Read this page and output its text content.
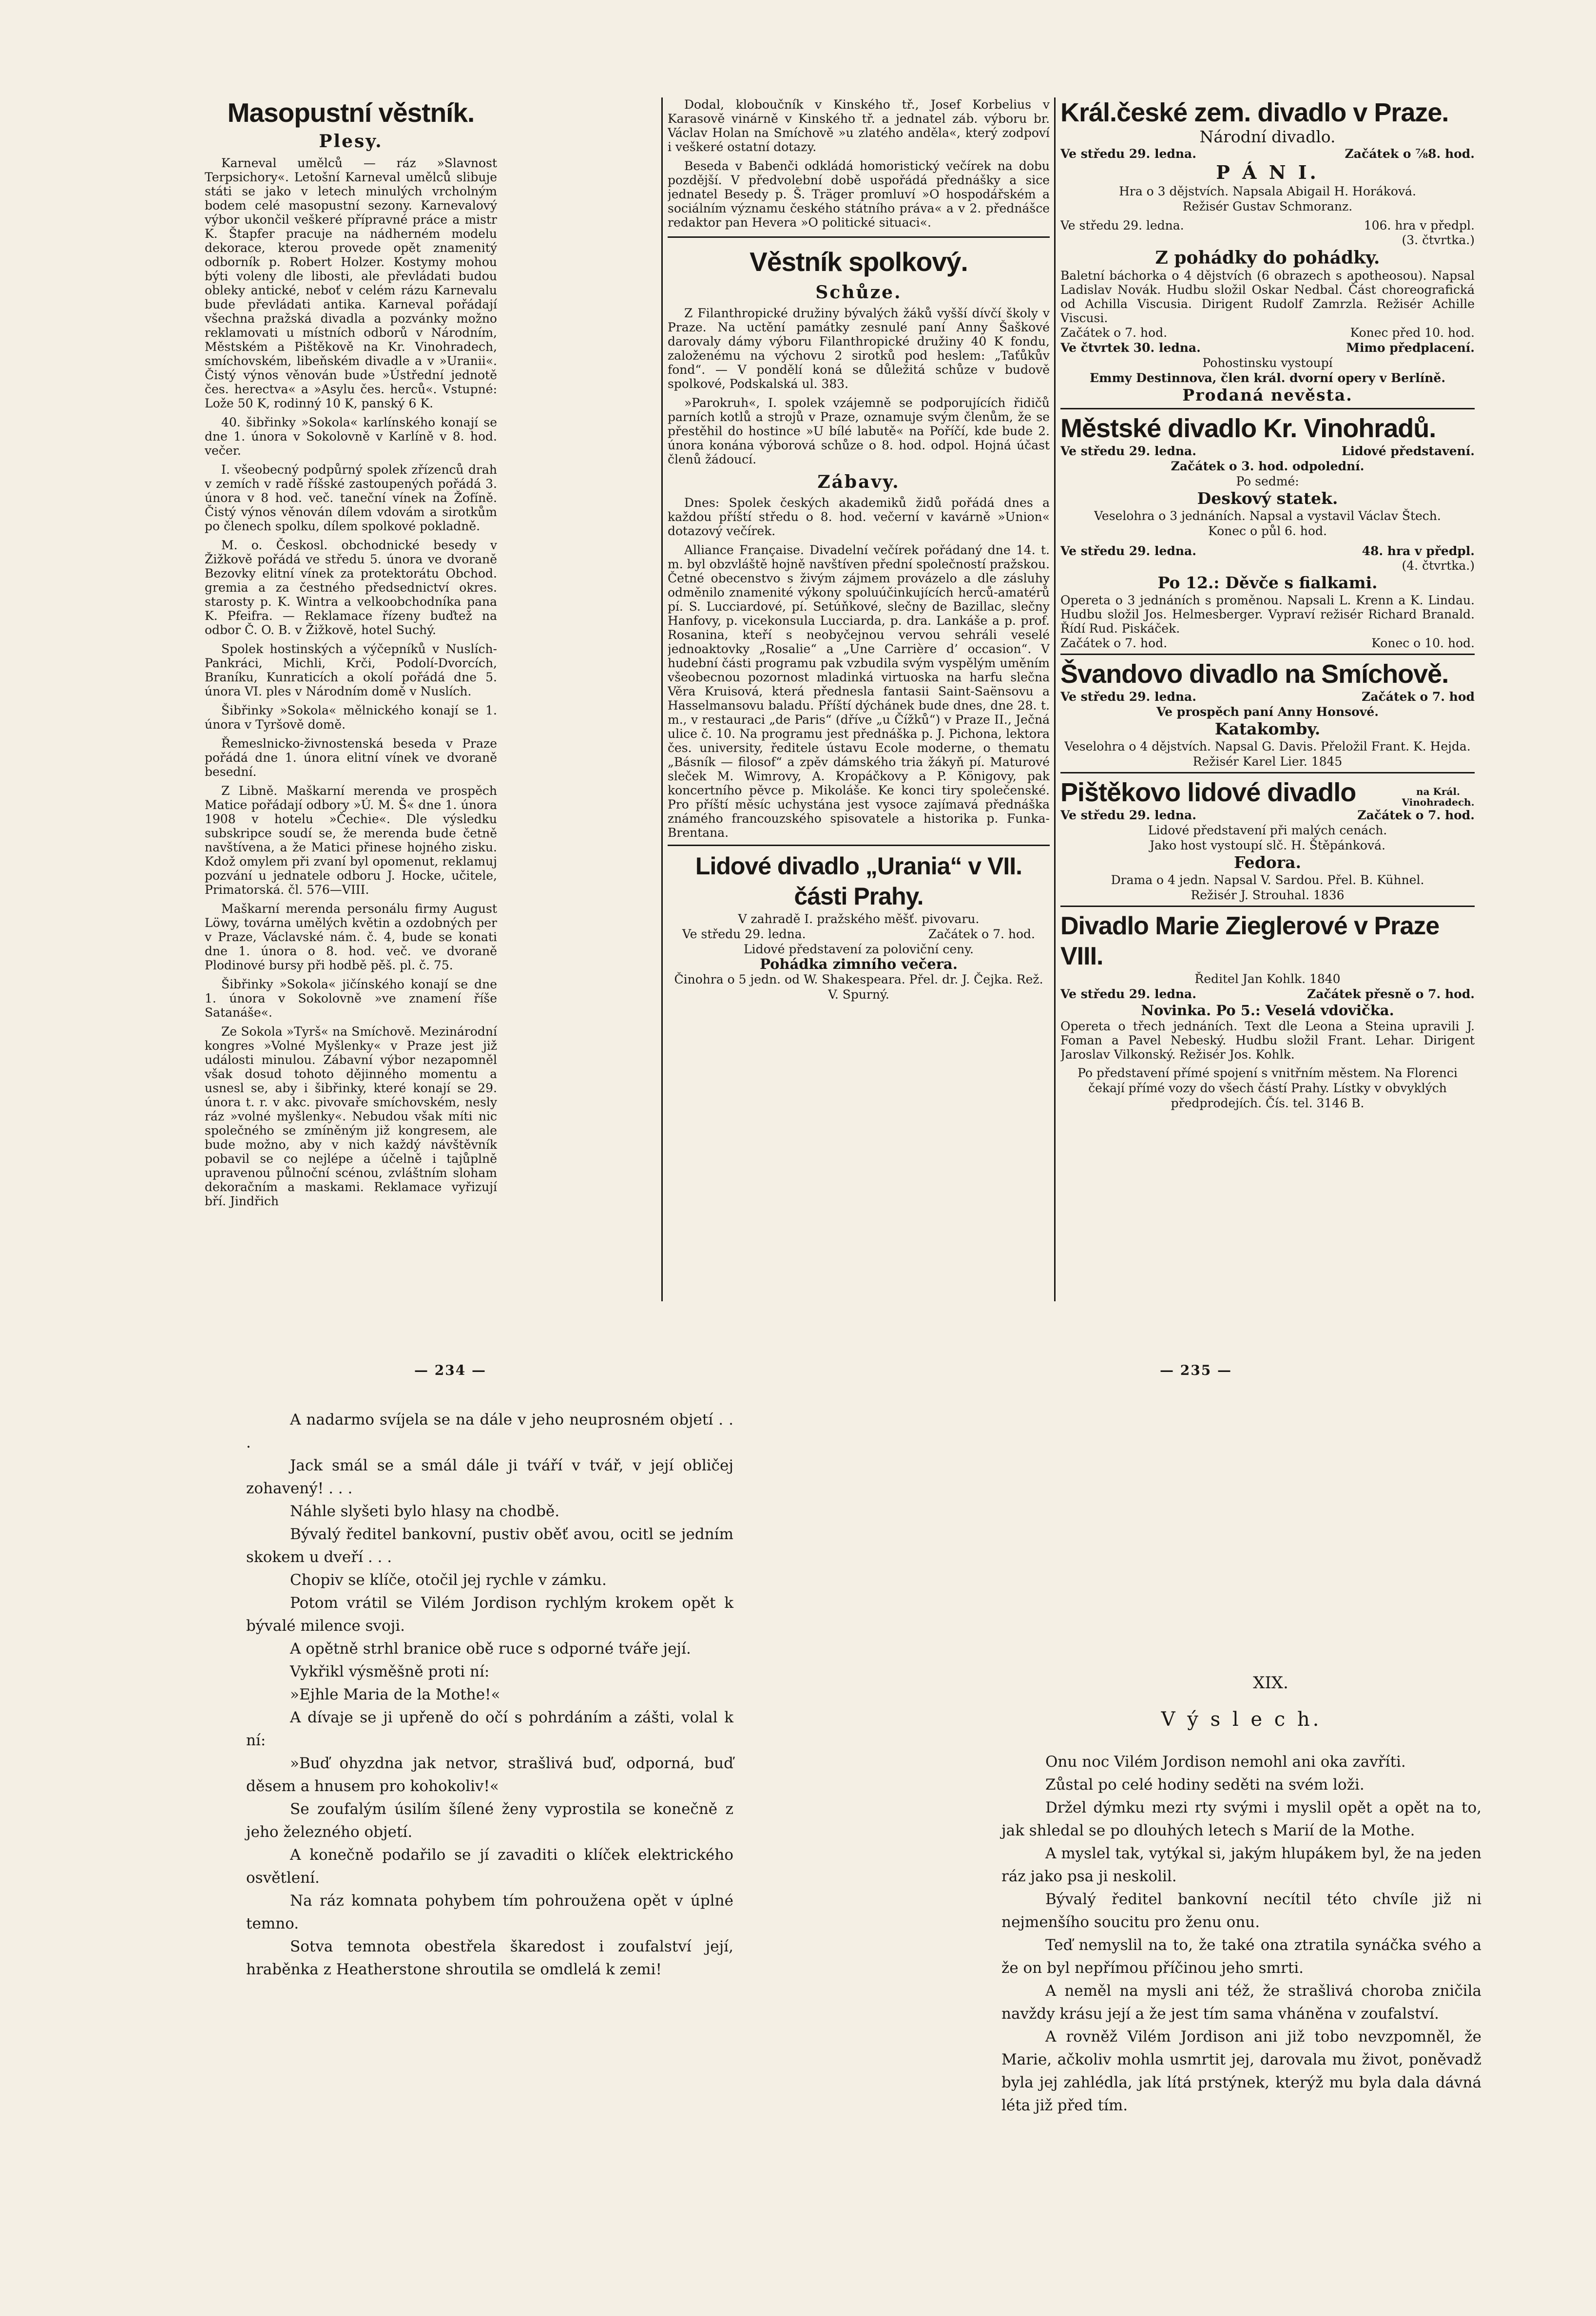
Masopustní věstník.
Plesy.

Karneval umělců — ráz »Slavnost Terpsichory«. Letošní Karneval umělců slibuje státi se jako v letech minulých vrcholným bodem celé masopustní sezony. Karnevalový výbor ukončil veškeré přípravné práce a mistr K. Štapfer pracuje na nádherném modelu dekorace, kterou provede opět znamenitý odborník p. Robert Holzer. Kostymy mohou býti voleny dle libosti, ale převládati budou obleky antické, neboť v celém rázu Karnevalu bude převládati antika. Karneval pořádají všechna pražská divadla a pozvánky možno reklamovati u místních odborů v Národním, Městském a Pištěkově na Kr. Vinohradech, smíchovském, libeňském divadle a v »Uranii«. Čistý výnos věnován bude »Ústřední jednotě čes. herectva« a »Asylu čes. herců«. Vstupné: Lože 50 K, rodinný 10 K, panský 6 K.

40. šibřinky »Sokola« karlínského konají se dne 1. února v Sokolovně v Karlíně v 8. hod. večer.

I. všeobecný podpůrný spolek zřízenců drah v zemích v radě říšské zastoupených pořádá 3. února v 8 hod. več. taneční vínek na Žofíně. Čistý výnos věnován dílem vdovám a sirotkům po členech spolku, dílem spolkové pokladně.

M. o. Českosl. obchodnické besedy v Žižkově pořádá ve středu 5. února ve dvoraně Bezovky elitní vínek za protektorátu Obchod. gremia a za čestného předsednictví okres. starosty p. K. Wintra a velkoobchodníka pana K. Pfeifra. — Reklamace řízeny buďtež na odbor Č. O. B. v Žižkově, hotel Suchý.

Spolek hostinských a výčepníků v Nuslích-Pankráci, Michli, Krči, Podolí-Dvorcích, Braníku, Kunraticích a okolí pořádá dne 5. února VI. ples v Národním domě v Nuslích.

Šibřinky »Sokola« mělnického konají se 1. února v Tyršově domě.

Řemeslnicko-živnostenská beseda v Praze pořádá dne 1. února elitní vínek ve dvoraně besední.

Z Libně. Maškarní merenda ve prospěch Matice pořádají odbory »Ú. M. Š« dne 1. února 1908 v hotelu »Čechie«. Dle výsledku subskripce soudí se, že merenda bude četně navštívena, a že Matici přinese hojného zisku. Kdož omylem při zvaní byl opomenut, reklamuj pozvání u jednatele odboru J. Hocke, učitele, Primatorská. čl. 576—VIII.

Maškarní merenda personálu firmy August Löwy, továrna umělých květin a ozdobných per v Praze, Václavské nám. č. 4, bude se konati dne 1. února o 8. hod. več. ve dvoraně Plodinové bursy při hodbě pěš. pl. č. 75.

Šibřinky »Sokola« jičínského konají se dne 1. února v Sokolovně »ve znamení říše Satanáše«.

Ze Sokola »Tyrš« na Smíchově. Mezinárodní kongres »Volné Myšlenky« v Praze jest již události minulou. Zábavní výbor nezapomněl však dosud tohoto dějinného momentu a usnesl se, aby i šibřinky, které konají se 29. února t. r. v akc. pivovaře smíchovském, nesly ráz »volné myšlenky«. Nebudou však míti nic společného se zmíněným již kongresem, ale bude možno, aby v nich každý návštěvník pobavil se co nejlépe a účelně i tajůplně upravenou půlnoční scénou, zvláštním sloham dekoračním a maskami. Reklamace vyřizují bří. Jindřich

Dodal, kloboučník v Kinského tř., Josef Korbelius v Karasově vinárně v Kinského tř. a jednatel záb. výboru br. Václav Holan na Smíchově »u zlatého anděla«, který zodpoví i veškeré ostatní dotazy.

Beseda v Babenči odkládá homoristický večírek na dobu pozdější. V předvolební době uspořádá přednášky a sice jednatel Besedy p. Š. Träger promluví »O hospodářském a sociálním významu českého státního práva« a v 2. přednášce redaktor pan Hevera »O politické situaci«.

Věstník spolkový.
Schůze.

Z Filanthropické družiny bývalých žáků vyšší dívčí školy v Praze. Na uctění památky zesnulé paní Anny Šaškové darovaly dámy výboru Filanthropické družiny 40 K fondu, založenému na výchovu 2 sirotků pod heslem: „Taťůkův fond“. — V pondělí koná se důležitá schůze v budově spolkové, Podskalská ul. 383.

»Parokruh«, I. spolek vzájemně se podporujících řidičů parních kotlů a strojů v Praze, oznamuje svým členům, že se přestěhil do hostince »U bílé labutě« na Poříčí, kde bude 2. února konána výborová schůze o 8. hod. odpol. Hojná účast členů žádoucí.

Zábavy.

Dnes: Spolek českých akademiků židů pořádá dnes a každou příští středu o 8. hod. večerní v kavárně »Union« dotazový večírek.

Alliance Française. Divadelní večírek pořádaný dne 14. t. m. byl obzvláště hojně navštíven přední společností pražskou. Četné obecenstvo s živým zájmem provázelo a dle zásluhy odměnilo znamenité výkony spoluúčinkujících herců-amatérů pí. S. Lucciardové, pí. Setúňkové, slečny de Bazillac, slečny Hanfovy, p. vicekonsula Lucciarda, p. dra. Lankáše a p. prof. Rosanina, kteří s neobyčejnou vervou sehráli veselé jednoaktovky „Rosalie“ a „Une Carrière d’ occasion“. V hudební části programu pak vzbudila svým vyspělým uměním všeobecnou pozornost mladinká virtuoska na harfu slečna Věra Kruisová, která přednesla fantasii Saint-Saënsovu a Hasselmansovu baladu. Příští dýchánek bude dnes, dne 28. t. m., v restauraci „de Paris“ (dříve „u Čížků“) v Praze II., Ječná ulice č. 10. Na programu jest přednáška p. J. Pichona, lektora čes. university, ředitele ústavu Ecole moderne, o thematu „Básník — filosof“ a zpěv dámského tria žákyň pí. Maturové sleček M. Wimrovy, A. Kropáčkovy a P. Königovy, pak koncertního pěvce p. Mikoláše. Ke konci tiry společenské. Pro příští měsíc uchystána jest vysoce zajímavá přednáška známého francouzského spisovatele a historika p. Funka-Brentana.

Lidové divadlo „Urania“ v VII. části Prahy.
V zahradě I. pražského měšť. pivovaru.
Ve středu 29. ledna.	Začátek o 7. hod.
Lidové představení za poloviční ceny.
Pohádka zimního večera.
Činohra o 5 jedn. od W. Shakespeara. Přel. dr. J. Čejka. Rež. V. Spurný.
Král.české zem. divadlo v Praze.
Národní divadlo.
Ve středu 29. ledna.	Začátek o ⅞8. hod.
P Á N I.
Hra o 3 dějstvích. Napsala Abigail H. Horáková.
Režisér Gustav Schmoranz.
Ve středu 29. ledna.	106. hra v předpl.
(3. čtvrtka.)
Z pohádky do pohádky.
Baletní báchorka o 4 dějstvích (6 obrazech s apotheosou). Napsal Ladislav Novák. Hudbu složil Oskar Nedbal. Část choreografická od Achilla Viscusia. Dirigent Rudolf Zamrzla. Režisér Achille Viscusi.
Začátek o 7. hod.	Konec před 10. hod.
Ve čtvrtek 30. ledna.	Mimo předplacení.
Pohostinsku vystoupí
Emmy Destinnova, člen král. dvorní opery v Berlíně.
Prodaná nevěsta.
Městské divadlo Kr. Vinohradů.
Ve středu 29. ledna.	Lidové představení.
Začátek o 3. hod. odpolední.
Po sedmé:
Deskový statek.
Veselohra o 3 jednáních. Napsal a vystavil Václav Štech.
Konec o půl 6. hod.
Ve středu 29. ledna.	48. hra v předpl.
(4. čtvrtka.)
Po 12.: Děvče s fialkami.
Opereta o 3 jednáních s proměnou. Napsali L. Krenn a K. Lindau. Hudbu složil Jos. Helmesberger. Vypraví režisér Richard Branald. Řídí Rud. Piskáček.
Začátek o 7. hod.	Konec o 10. hod.
Švandovo divadlo na Smíchově.
Ve středu 29. ledna.	Začátek o 7. hod
Ve prospěch paní Anny Honsové.
Katakomby.
Veselohra o 4 dějstvích. Napsal G. Davis. Přeložil Frant. K. Hejda. Režisér Karel Lier. 1845
Pištěkovo lidové divadlo	na Král. Vinohradech.
Ve středu 29. ledna.	Začátek o 7. hod.
Lidové představení při malých cenách.
Jako host vystoupí slč. H. Štěpánková.
Fedora.
Drama o 4 jedn. Napsal V. Sardou. Přel. B. Kühnel.
Režisér J. Strouhal. 1836
Divadlo Marie Zieglerové v Praze VIII.
Ředitel Jan Kohlk. 1840
Ve středu 29. ledna.	Začátek přesně o 7. hod.
Novinka. Po 5.: Veselá vdovička.
Opereta o třech jednáních. Text dle Leona a Steina upravili J. Foman a Pavel Nebeský. Hudbu složil Frant. Lehar. Dirigent Jaroslav Vilkonský. Režisér Jos. Kohlk.
Po představení přímé spojení s vnitřním městem. Na Florenci čekají přímé vozy do všech částí Prahy. Lístky v obvyklých předprodejích. Čís. tel. 3146 B.
— 234 —	— 235 —

A nadarmo svíjela se na dále v jeho neuprosném objetí . . .

Jack smál se a smál dále ji tváří v tvář, v její obličej zohavený! . . .

Náhle slyšeti bylo hlasy na chodbě.

Bývalý ředitel bankovní, pustiv oběť avou, ocitl se jedním skokem u dveří . . .

Chopiv se klíče, otočil jej rychle v zámku.

Potom vrátil se Vilém Jordison rychlým krokem opět k bývalé milence svoji.

A opětně strhl branice obě ruce s odporné tváře její.

Vykřikl výsměšně proti ní:

»Ejhle Maria de la Mothe!«

A dívaje se ji upřeně do očí s pohrdáním a zášti, volal k ní:

»Buď ohyzdna jak netvor, strašlivá buď, odporná, buď děsem a hnusem pro kohokoliv!«

Se zoufalým úsilím šílené ženy vyprostila se konečně z jeho železného objetí.

A konečně podařilo se jí zavaditi o klíček elektrického osvětlení.

Na ráz komnata pohybem tím pohroužena opět v úplné temno.

Sotva temnota obestřela škaredost i zoufalství její, hraběnka z Heatherstone shroutila se omdlelá k zemi!

XIX.
V ý s l e c h.

Onu noc Vilém Jordison nemohl ani oka zavříti.

Zůstal po celé hodiny seděti na svém loži.

Držel dýmku mezi rty svými i myslil opět a opět na to, jak shledal se po dlouhých letech s Marií de la Mothe.

A myslel tak, vytýkal si, jakým hlupákem byl, že na jeden ráz jako psa ji neskolil.

Bývalý ředitel bankovní necítil této chvíle již ni nejmenšího soucitu pro ženu onu.

Teď nemyslil na to, že také ona ztratila synáčka svého a že on byl nepřímou příčinou jeho smrti.

A neměl na mysli ani též, že strašlivá choroba zničila navždy krásu její a že jest tím sama vháněna v zoufalství.

A rovněž Vilém Jordison ani již tobo nevzpomněl, že Marie, ačkoliv mohla usmrtit jej, darovala mu život, poněvadž byla jej zahlédla, jak lítá prstýnek, kterýž mu byla dala dávná léta již před tím.
